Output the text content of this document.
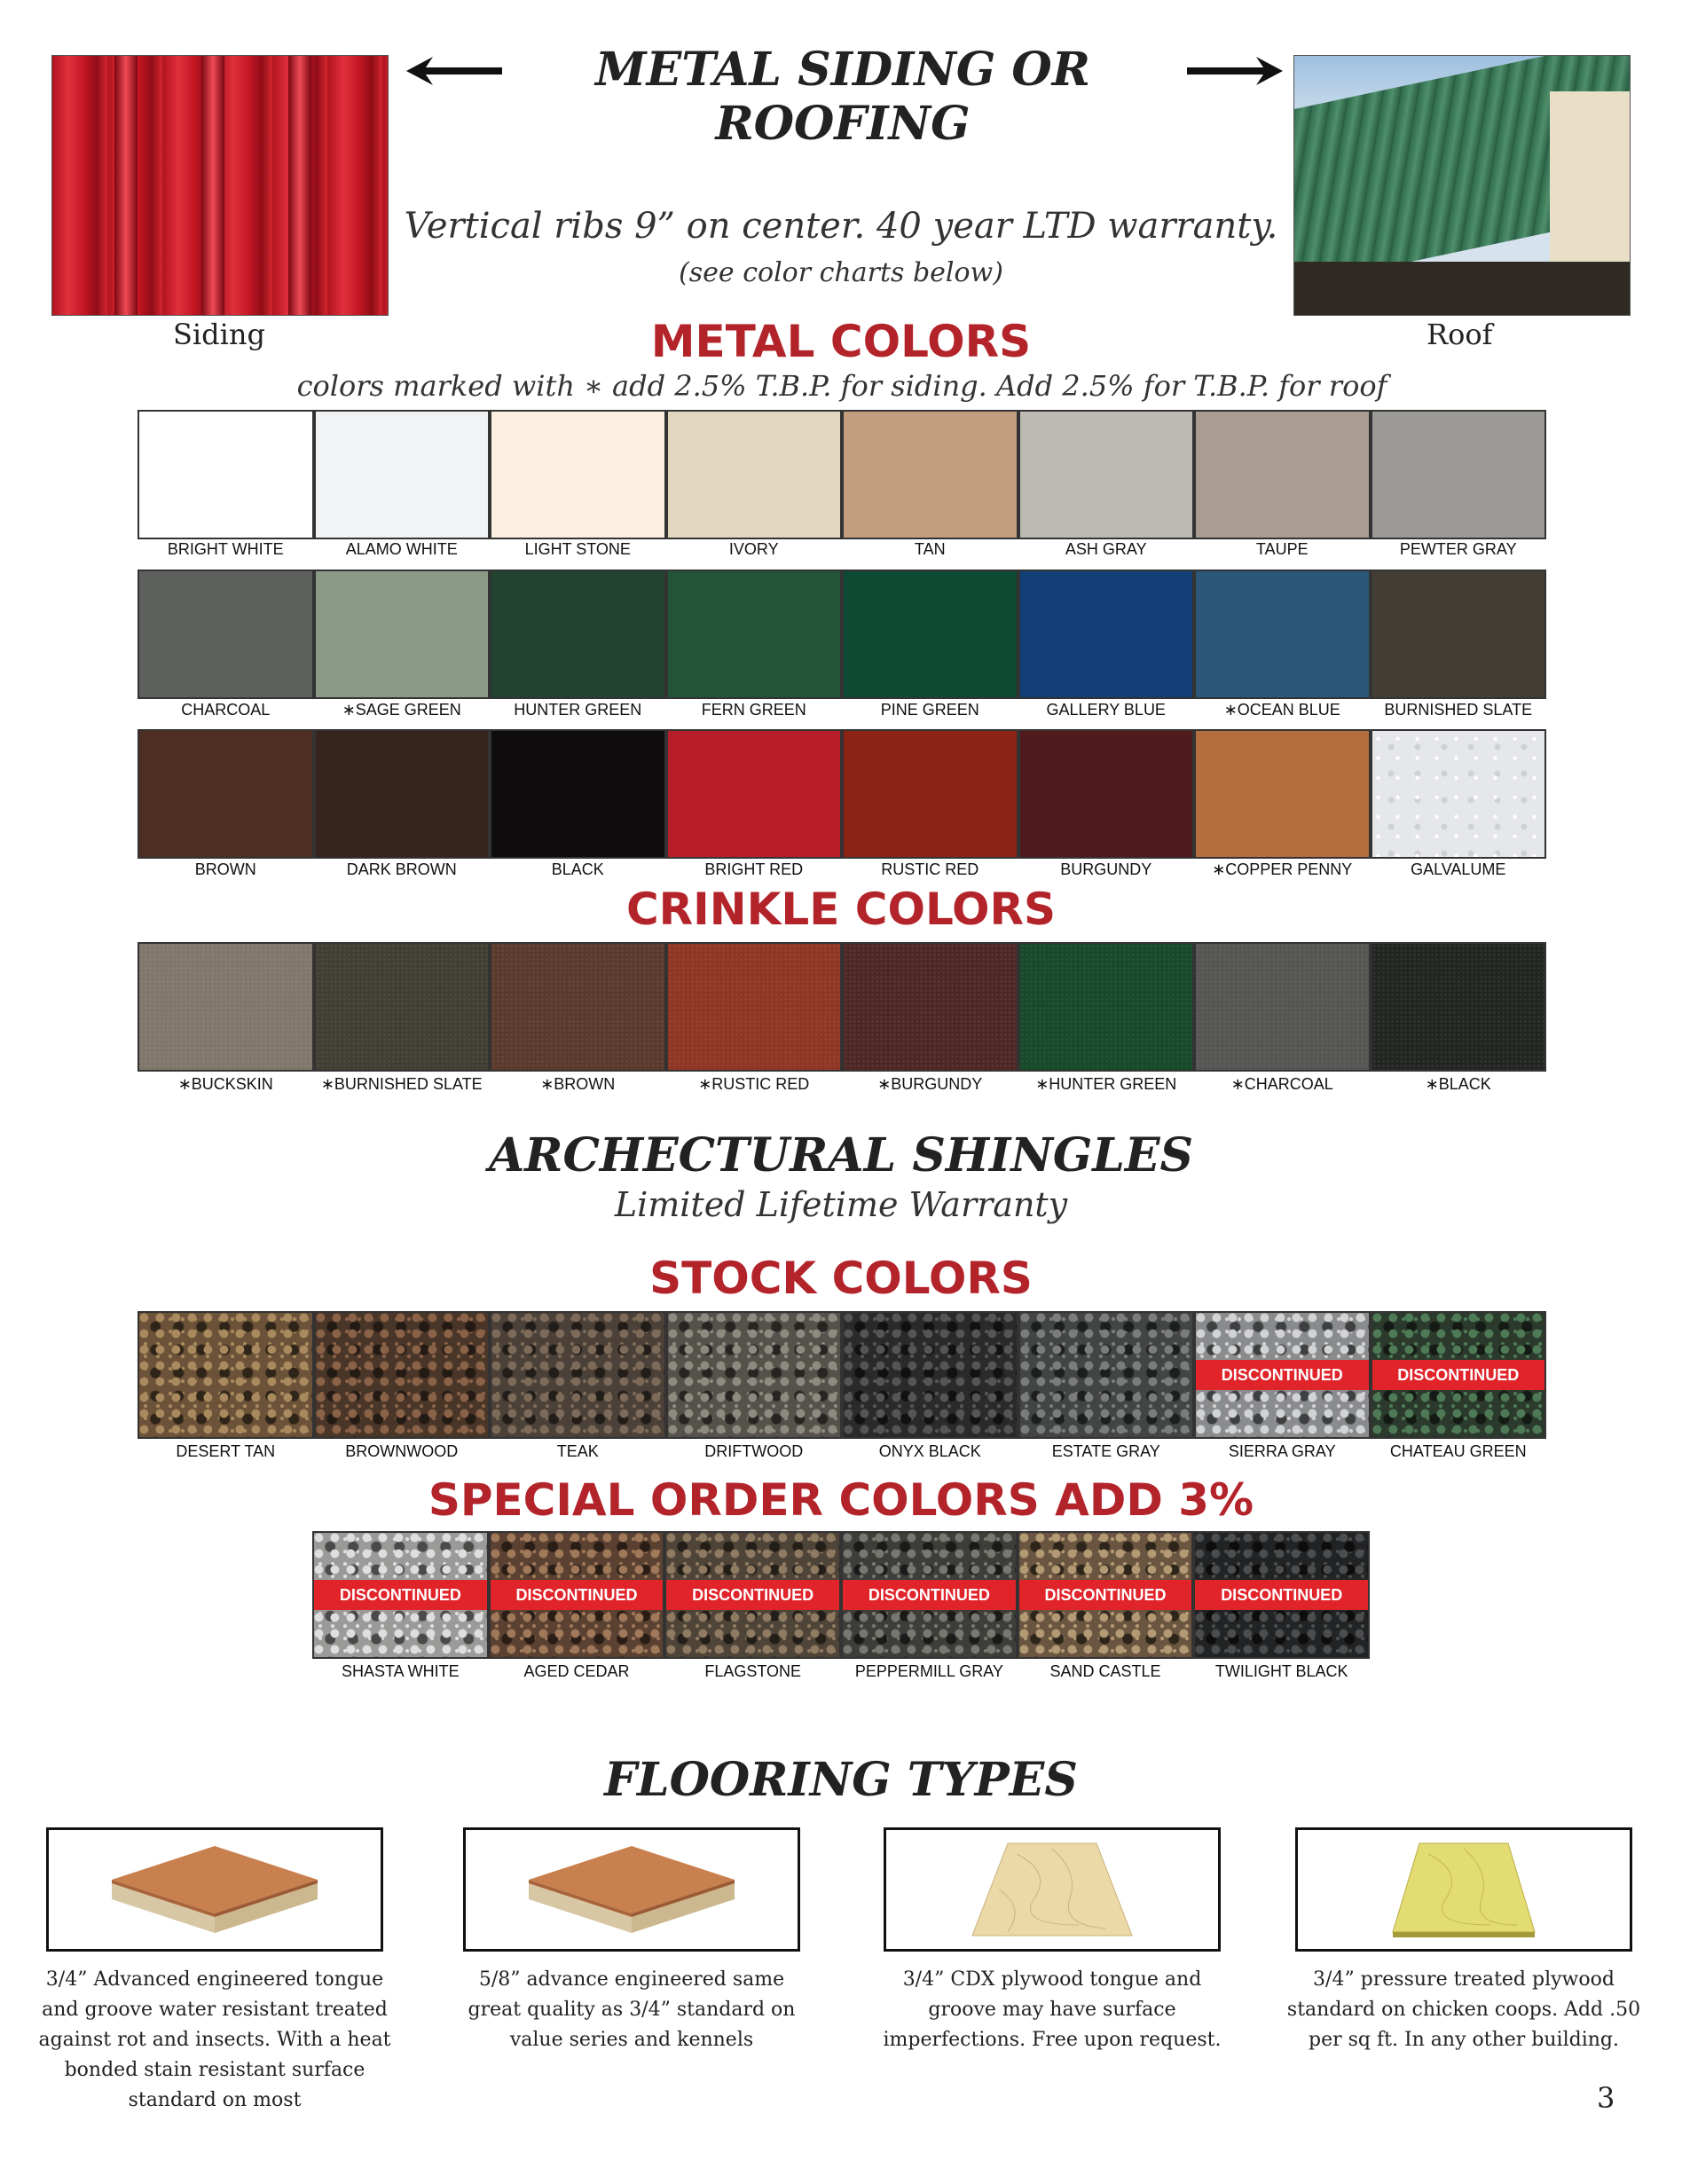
Siding	Roof
METAL SIDING OR ROOFING
Vertical ribs 9” on center. 40 year LTD warranty.
(see color charts below)
METAL COLORS
colors marked with ∗ add 2.5% T.B.P. for siding. Add 2.5% for T.B.P. for roof
BRIGHT WHITE	ALAMO WHITE	LIGHT STONE	IVORY	TAN	ASH GRAY	TAUPE	PEWTER GRAY
CHARCOAL	∗SAGE GREEN	HUNTER GREEN	FERN GREEN	PINE GREEN	GALLERY BLUE	∗OCEAN BLUE	BURNISHED SLATE
BROWN	DARK BROWN	BLACK	BRIGHT RED	RUSTIC RED	BURGUNDY	∗COPPER PENNY	GALVALUME
CRINKLE COLORS
∗BUCKSKIN	∗BURNISHED SLATE	∗BROWN	∗RUSTIC RED	∗BURGUNDY	∗HUNTER GREEN	∗CHARCOAL	∗BLACK
ARCHECTURAL SHINGLES
Limited Lifetime Warranty
STOCK COLORS
DISCONTINUED	DISCONTINUED
DESERT TAN	BROWNWOOD	TEAK	DRIFTWOOD	ONYX BLACK	ESTATE GRAY	SIERRA GRAY	CHATEAU GREEN
SPECIAL ORDER COLORS ADD 3%
DISCONTINUED	DISCONTINUED	DISCONTINUED	DISCONTINUED	DISCONTINUED	DISCONTINUED
SHASTA WHITE	AGED CEDAR	FLAGSTONE	PEPPERMILL GRAY	SAND CASTLE	TWILIGHT BLACK
FLOORING TYPES
3/4” Advanced engineered tongue and groove water resistant treated against rot and insects. With a heat bonded stain resistant surface standard on most
5/8” advance engineered same great quality as 3/4” standard on value series and kennels
3/4” CDX plywood tongue and groove may have surface imperfections. Free upon request.
3/4” pressure treated plywood standard on chicken coops. Add .50 per sq ft. In any other building.
3
